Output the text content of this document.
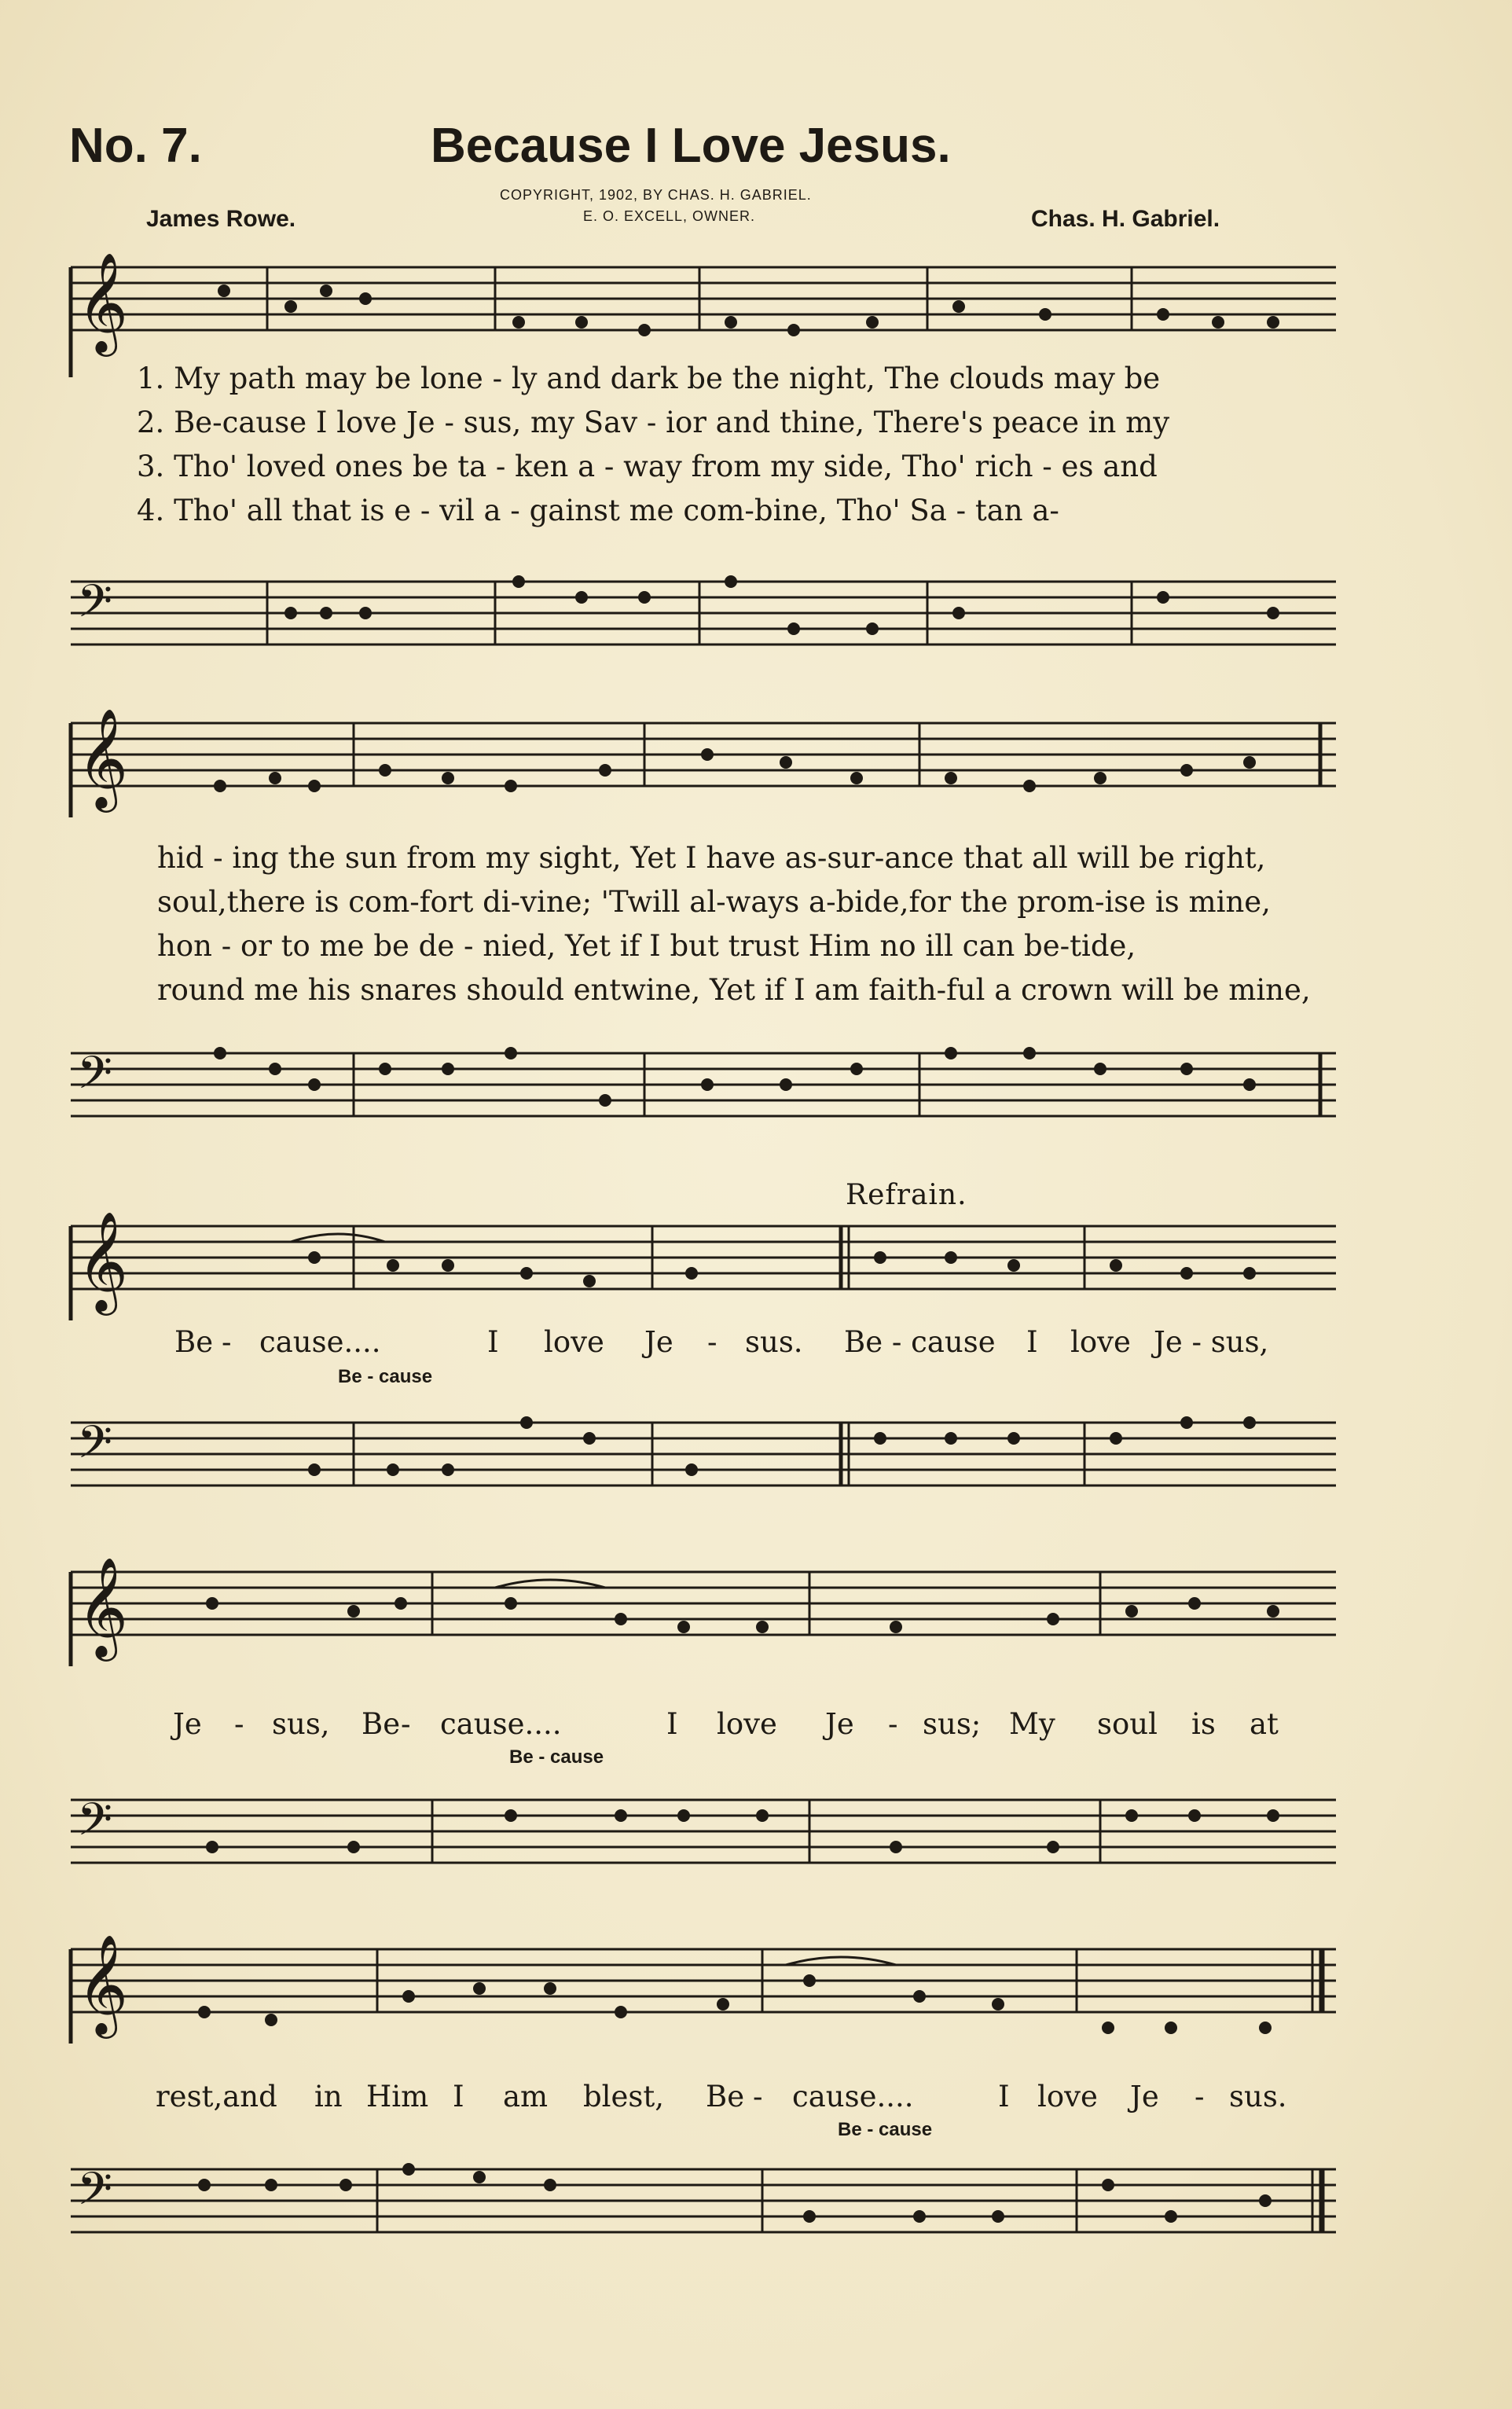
No. 7.	Because I Love Jesus.
COPYRIGHT, 1902, BY CHAS. H. GABRIEL.
E. O. EXCELL, OWNER.
James Rowe.	Chas. H. Gabriel.
𝄞
1. My path may be lone - ly and dark be the night, The clouds may be
2. Be-cause I love Je - sus, my Sav - ior and thine, There's peace in my
3. Tho' loved ones be ta - ken a - way from my side, Tho' rich - es and
4. Tho' all that is e - vil a - gainst me com-bine, Tho' Sa - tan a-
𝄢
𝄞
hid - ing the sun from my sight, Yet I have as-sur-ance that all will be right,
soul,there is com-fort di-vine; 'Twill al-ways a-bide,for the prom-ise is mine,
hon - or to me be de - nied, Yet if I but trust Him no ill can be-tide,
round me his snares should entwine, Yet if I am faith-ful a crown will be mine,
𝄢
Refrain.
𝄞
Be - cause....	I love Je - sus. Be - cause I love Je - sus,
Be - cause
𝄢
𝄞
Je - sus, Be - cause....	I love Je - sus; My soul is at
Be - cause
𝄢
𝄞
rest,and in Him I am blest, Be - cause....	I love Je - sus.
Be - cause
𝄢
